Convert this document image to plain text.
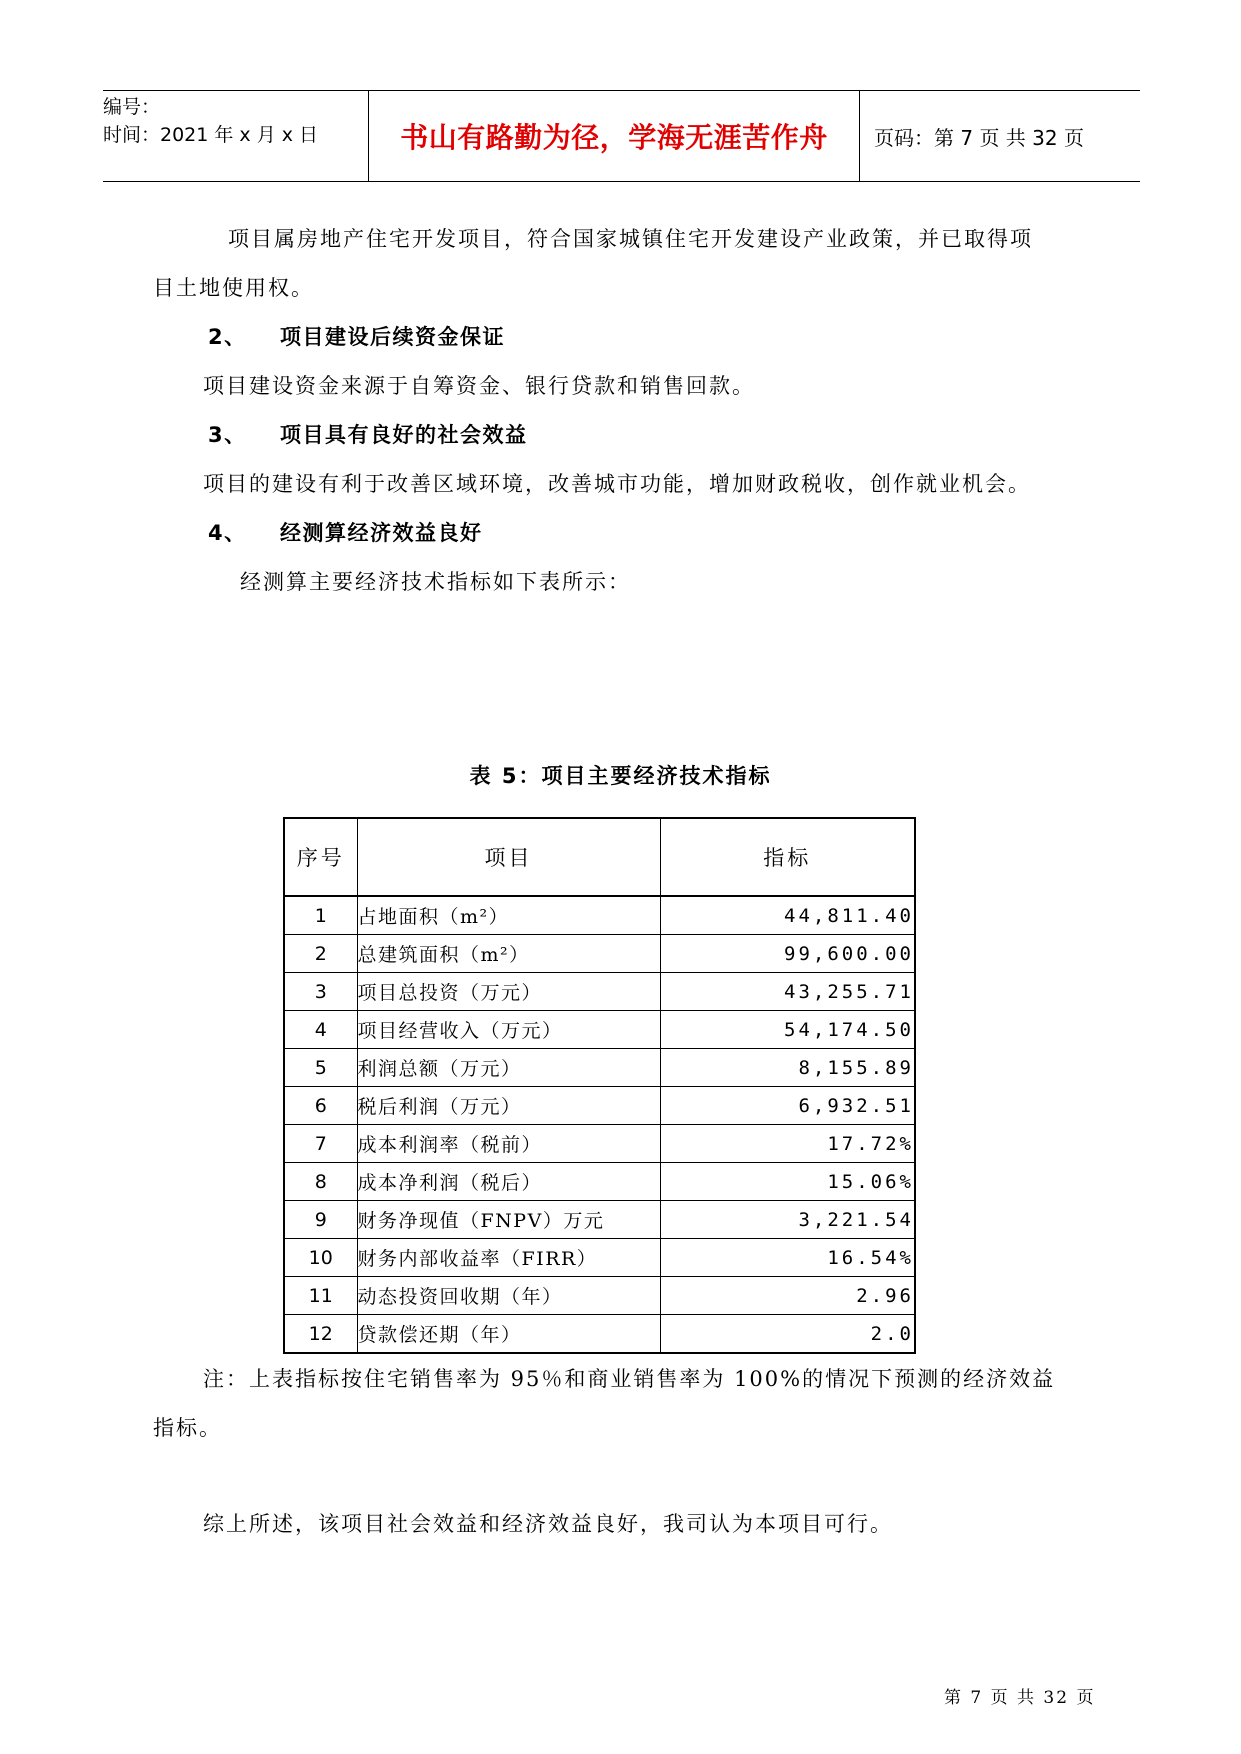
编号：
时间：2021 年 x 月 x 日	书山有路勤为径，学海无涯苦作舟	页码：第 7 页 共 32 页
项目属房地产住宅开发项目，符合国家城镇住宅开发建设产业政策，并已取得项
目土地使用权。
2、 项目建设后续资金保证
项目建设资金来源于自筹资金、银行贷款和销售回款。
3、 项目具有良好的社会效益
项目的建设有利于改善区域环境，改善城市功能，增加财政税收，创作就业机会。
4、 经测算经济效益良好
经测算主要经济技术指标如下表所示：
表 5：项目主要经济技术指标
序号	项目	指标
1	占地面积（m²）	44,811.40
2	总建筑面积（m²）	99,600.00
3	项目总投资（万元）	43,255.71
4	项目经营收入（万元）	54,174.50
5	利润总额（万元）	8,155.89
6	税后利润（万元）	6,932.51
7	成本利润率（税前）	17.72%
8	成本净利润（税后）	15.06%
9	财务净现值（FNPV）万元	3,221.54
10	财务内部收益率（FIRR）	16.54%
11	动态投资回收期（年）	2.96
12	贷款偿还期（年）	2.0
注：上表指标按住宅销售率为 95％和商业销售率为 100%的情况下预测的经济效益
指标。
综上所述，该项目社会效益和经济效益良好，我司认为本项目可行。
第 7 页 共 32 页
